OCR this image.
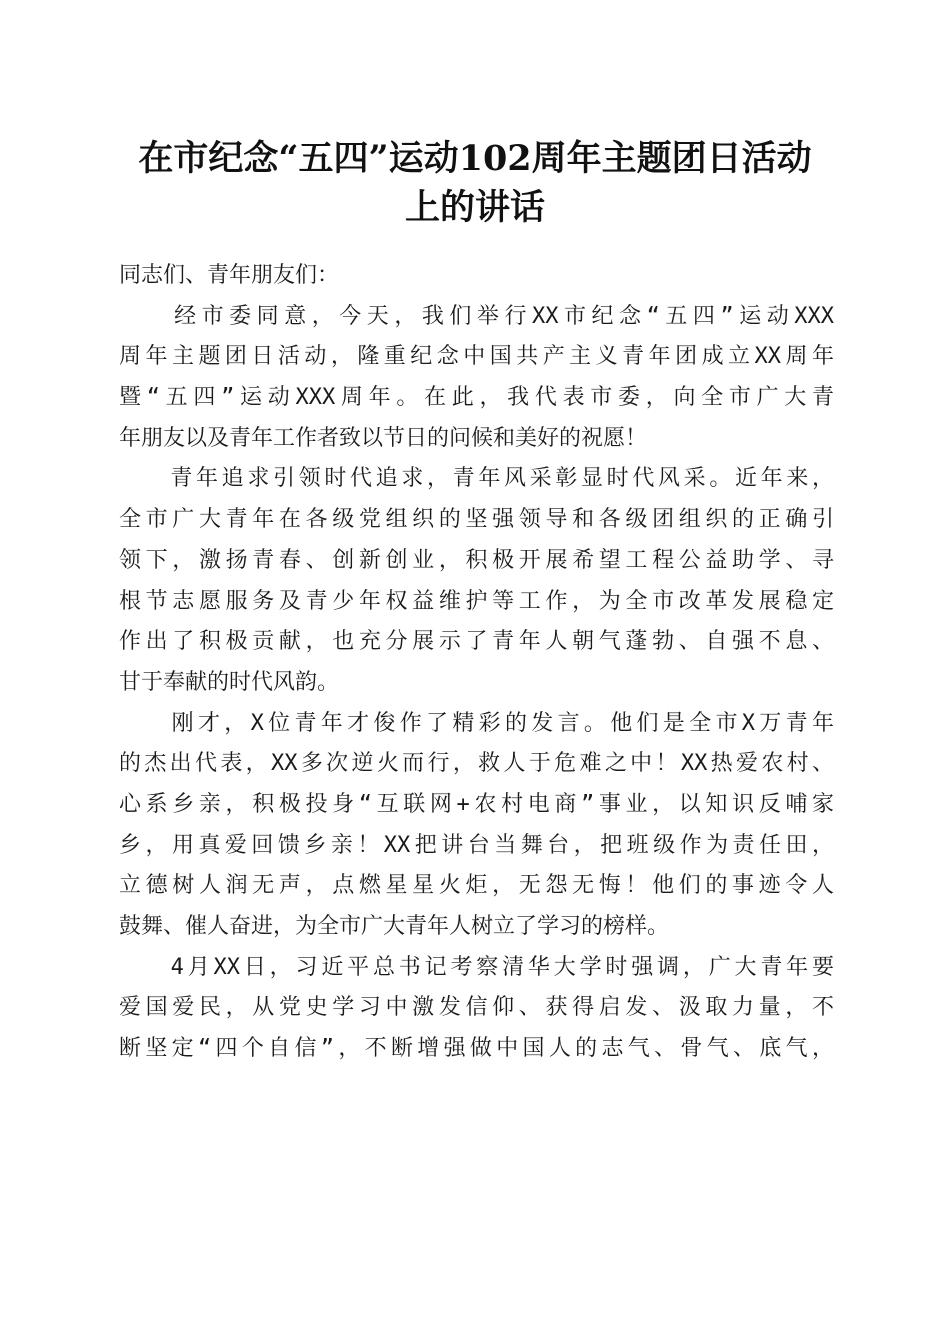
在市纪念“五四”运动102周年主题团日活动
上的讲话
同志们、青年朋友们：
　　经市委同意，今天，我们举行XX市纪念“五四”运动XXX
周年主题团日活动，隆重纪念中国共产主义青年团成立XX周年
暨“五四”运动XXX周年。在此，我代表市委，向全市广大青
年朋友以及青年工作者致以节日的问候和美好的祝愿！
　　青年追求引领时代追求，青年风采彰显时代风采。近年来，
全市广大青年在各级党组织的坚强领导和各级团组织的正确引
领下，激扬青春、创新创业，积极开展希望工程公益助学、寻
根节志愿服务及青少年权益维护等工作，为全市改革发展稳定
作出了积极贡献，也充分展示了青年人朝气蓬勃、自强不息、
甘于奉献的时代风韵。
　　刚才，X位青年才俊作了精彩的发言。他们是全市X万青年
的杰出代表，XX多次逆火而行，救人于危难之中！XX热爱农村、
心系乡亲，积极投身“互联网+农村电商”事业，以知识反哺家
乡，用真爱回馈乡亲！XX把讲台当舞台，把班级作为责任田，
立德树人润无声，点燃星星火炬，无怨无悔！他们的事迹令人
鼓舞、催人奋进，为全市广大青年人树立了学习的榜样。
　　4月XX日，习近平总书记考察清华大学时强调，广大青年要
爱国爱民，从党史学习中激发信仰、获得启发、汲取力量，不
断坚定“四个自信”，不断增强做中国人的志气、骨气、底气，
